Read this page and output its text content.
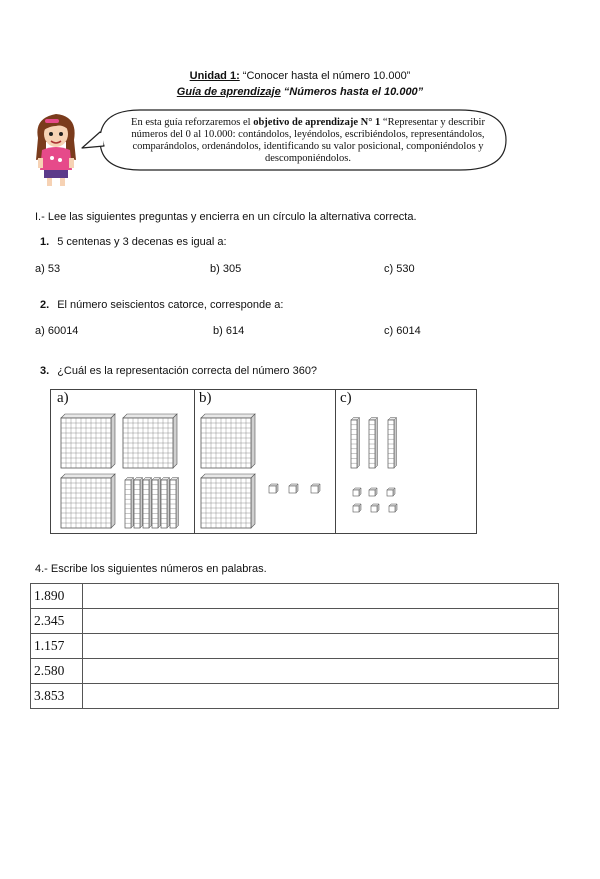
Unidad 1: “Conocer hasta el número 10.000”
Guía de aprendizaje “Números hasta el 10.000”
En esta guía reforzaremos el objetivo de aprendizaje N° 1 “Representar y describir números del 0 al 10.000: contándolos, leyéndolos, escribiéndolos, representándolos, comparándolos, ordenándolos, identificando su valor posicional, componiéndolos y descomponiéndolos.
I.- Lee las siguientes preguntas y encierra en un círculo la alternativa correcta.
1. 5 centenas y 3 decenas es igual a:
a) 53	b) 305	c) 530
2. El número seiscientos catorce, corresponde a:
a) 60014	b) 614	c) 6014
3. ¿Cuál es la representación correcta del número 360?
a)	b)	c)
4.- Escribe los siguientes números en palabras.
1.890	
2.345	
1.157	
2.580	
3.853	
